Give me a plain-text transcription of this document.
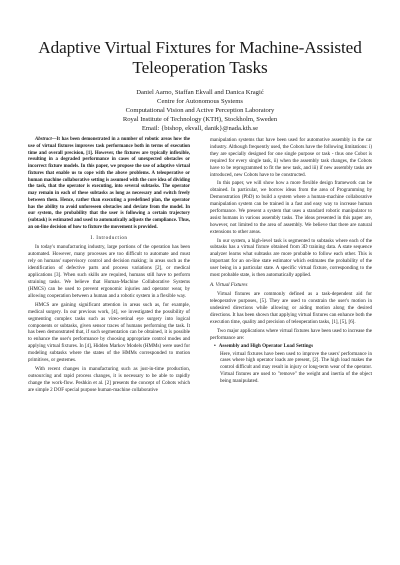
Adaptive Virtual Fixtures for Machine-Assisted Teleoperation Tasks
Daniel Aarno, Staffan Ekvall and Danica Kragić
Centre for Autonomous Systems
Computational Vision and Active Perception Laboratory
Royal Institute of Technology (KTH), Stockholm, Sweden
Email: {bishop, ekvall, danik}@nada.kth.se

Abstract—It has been demonstrated in a number of robotic areas how the use of virtual fixtures improves task performance both in terms of execution time and overall precision, [1]. However, the fixtures are typically inflexible, resulting in a degraded performance in cases of unexpected obstacles or incorrect fixture models. In this paper, we propose the use of adaptive virtual fixtures that enable us to cope with the above problems. A teleoperative or human machine collaborative setting is assumed with the core idea of dividing the task, that the operator is executing, into several subtasks. The operator may remain in each of these subtasks as long as necessary and switch freely between them. Hence, rather than executing a predefined plan, the operator has the ability to avoid unforeseen obstacles and deviate from the model. In our system, the probability that the user is following a certain trajectory (subtask) is estimated and used to automatically adjusts the compliance. Thus, an on-line decision of how to fixture the movement is provided.

I. Introduction

In today's manufacturing industry, large portions of the operation has been automated. However, many processes are too difficult to automate and must rely on humans' supervisory control and decision making; in areas such as the identification of defective parts and process variations [2], or medical applications [3]. When such skills are required, humans still have to perform straining tasks. We believe that Human-Machine Collaborative Systems (HMCS) can be used to prevent ergonomic injuries and operator wear, by allowing cooperation between a human and a robotic system in a flexible way.

HMCS are gaining significant attention in areas such as, for example, medical surgery. In our previous work, [4], we investigated the possibility of segmenting complex tasks such as vireo-retinal eye surgery into logical components or subtasks, given sensor traces of humans performing the task. It has been demonstrated that, if such segmentation can be obtained, it is possible to enhance the user's performance by choosing appropriate control modes and applying virtual fixtures. In [4], Hidden Markov Models (HMMs) were used for modeling subtasks where the states of the HMMs corresponded to motion primitives, or gestemes.

With recent changes in manufacturing such as just-in-time production, outsourcing and rapid process changes, it is necessary to be able to rapidly change the work-flow. Peshkin et al. [2] presents the concept of Cobots which are simple 2 DOF special purpose human-machine collaborative

manipulation systems that have been used for automotive assembly in the car industry. Although frequently used, the Cobots have the following limitations: i) they are specially designed for one single purpose or task - thus one Cobot is required for every single task, ii) when the assembly task changes, the Cobots have to be reprogrammed to fit the new task, and iii) if new assembly tasks are introduced, new Cobots have to be constructed.

In this paper, we will show how a more flexible design framework can be obtained. In particular, we borrow ideas from the area of Programming by Demonstration (PbD) to build a system where a human-machine collaborative manipulation system can be trained in a fast and easy way to increase human performance. We present a system that uses a standard robotic manipulator to assist humans in various assembly tasks. The ideas presented in this paper are, however, not limited to the area of assembly. We believe that there are natural extensions to other areas.

In our system, a high-level task is segmented to subtasks where each of the subtasks has a virtual fixture obtained from 3D training data. A state sequence analyzer learns what subtasks are more probable to follow each other. This is important for an on-line state estimator which estimates the probability of the user being in a particular state. A specific virtual fixture, corresponding to the most probable state, is then automatically applied.

A. Virtual Fixtures

Virtual fixtures are commonly defined as a task-dependent aid for teleoperative purposes, [5]. They are used to constrain the user's motion in undesired directions while allowing or aiding motion along the desired directions. It has been shown that applying virtual fixtures can enhance both the execution time, quality and precision of teleoperation tasks, [1], [5], [6].

Two major applications where virtual fixtures have been used to increase the performance are:

• Assembly and High Operator Load Settings

Here, virtual fixtures have been used to improve the users' performance in cases where high operator loads are present, [2]. The high load makes the control difficult and may result in injury or long-term wear of the operator. Virtual fixtures are used to "remove" the weight and inertia of the object being manipulated.
